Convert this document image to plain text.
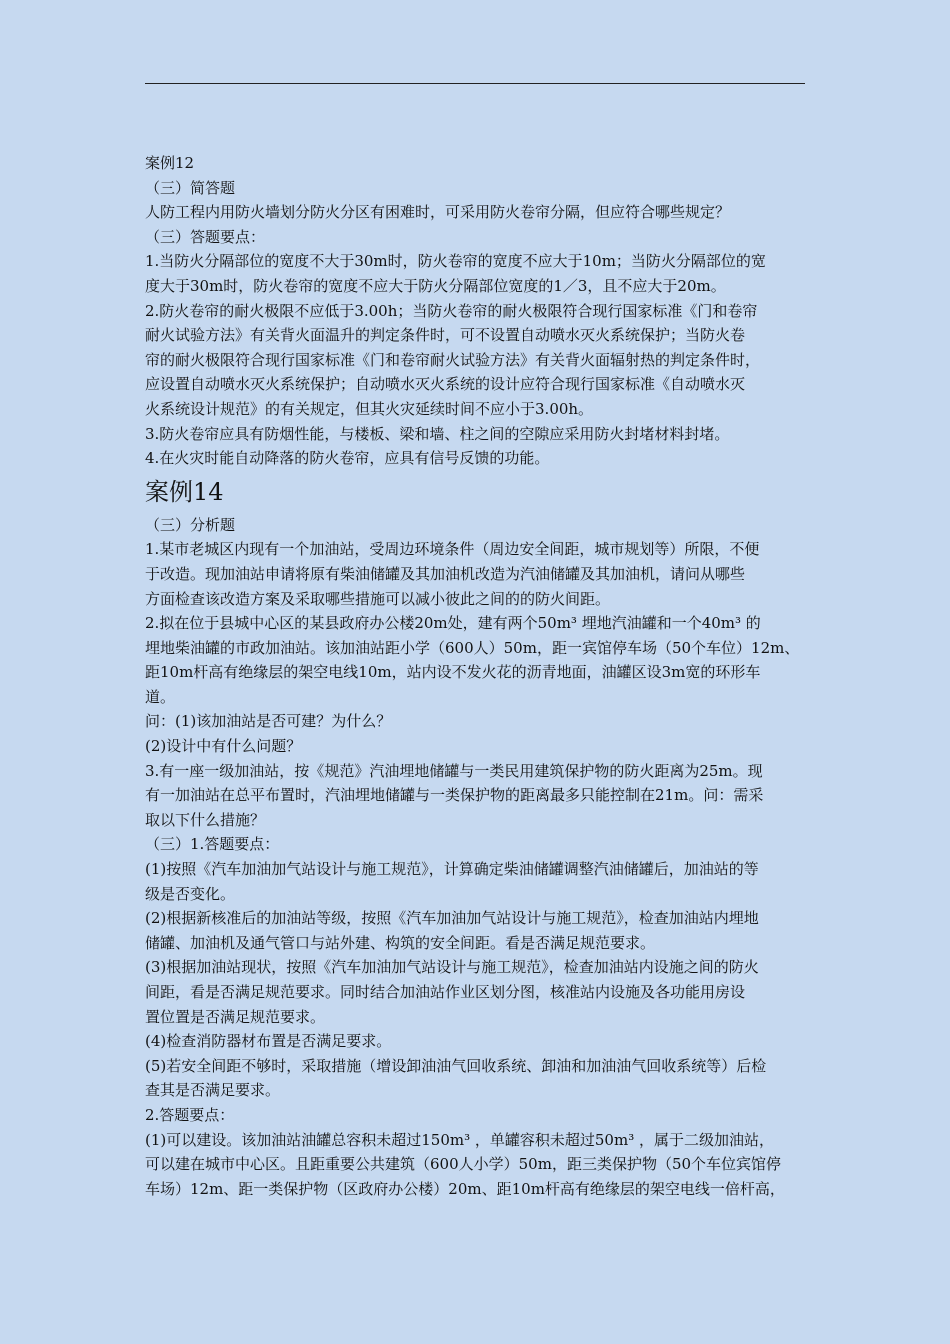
案例12
（三）简答题
人防工程内用防火墙划分防火分区有困难时，可采用防火卷帘分隔，但应符合哪些规定？
（三）答题要点：
1.当防火分隔部位的宽度不大于30m时，防火卷帘的宽度不应大于10m；当防火分隔部位的宽
度大于30m时，防火卷帘的宽度不应大于防火分隔部位宽度的1／3，且不应大于20m。
2.防火卷帘的耐火极限不应低于3.00h；当防火卷帘的耐火极限符合现行国家标准《门和卷帘
耐火试验方法》有关背火面温升的判定条件时，可不设置自动喷水灭火系统保护；当防火卷
帘的耐火极限符合现行国家标准《门和卷帘耐火试验方法》有关背火面辐射热的判定条件时，
应设置自动喷水灭火系统保护；自动喷水灭火系统的设计应符合现行国家标准《自动喷水灭
火系统设计规范》的有关规定，但其火灾延续时间不应小于3.00h。
3.防火卷帘应具有防烟性能，与楼板、梁和墙、柱之间的空隙应采用防火封堵材料封堵。
4.在火灾时能自动降落的防火卷帘，应具有信号反馈的功能。
案例14
（三）分析题
1.某市老城区内现有一个加油站，受周边环境条件（周边安全间距，城市规划等）所限，不便
于改造。现加油站申请将原有柴油储罐及其加油机改造为汽油储罐及其加油机，请问从哪些
方面检查该改造方案及采取哪些措施可以减小彼此之间的的防火间距。
2.拟在位于县城中心区的某县政府办公楼20m处，建有两个50m³ 埋地汽油罐和一个40m³ 的
埋地柴油罐的市政加油站。该加油站距小学（600人）50m，距一宾馆停车场（50个车位）12m、
距10m杆高有绝缘层的架空电线10m，站内设不发火花的沥青地面，油罐区设3m宽的环形车
道。
问：(1)该加油站是否可建？为什么？
(2)设计中有什么问题？
3.有一座一级加油站，按《规范》汽油埋地储罐与一类民用建筑保护物的防火距离为25m。现
有一加油站在总平布置时，汽油埋地储罐与一类保护物的距离最多只能控制在21m。问：需采
取以下什么措施？
（三）1.答题要点：
(1)按照《汽车加油加气站设计与施工规范》，计算确定柴油储罐调整汽油储罐后，加油站的等
级是否变化。
(2)根据新核准后的加油站等级，按照《汽车加油加气站设计与施工规范》，检查加油站内埋地
储罐、加油机及通气管口与站外建、构筑的安全间距。看是否满足规范要求。
(3)根据加油站现状，按照《汽车加油加气站设计与施工规范》，检查加油站内设施之间的防火
间距，看是否满足规范要求。同时结合加油站作业区划分图，核准站内设施及各功能用房设
置位置是否满足规范要求。
(4)检查消防器材布置是否满足要求。
(5)若安全间距不够时，采取措施（增设卸油油气回收系统、卸油和加油油气回收系统等）后检
查其是否满足要求。
2.答题要点：
(1)可以建设。该加油站油罐总容积未超过150m³ ，单罐容积未超过50m³ ，属于二级加油站，
可以建在城市中心区。且距重要公共建筑（600人小学）50m，距三类保护物（50个车位宾馆停
车场）12m、距一类保护物（区政府办公楼）20m、距10m杆高有绝缘层的架空电线一倍杆高，
